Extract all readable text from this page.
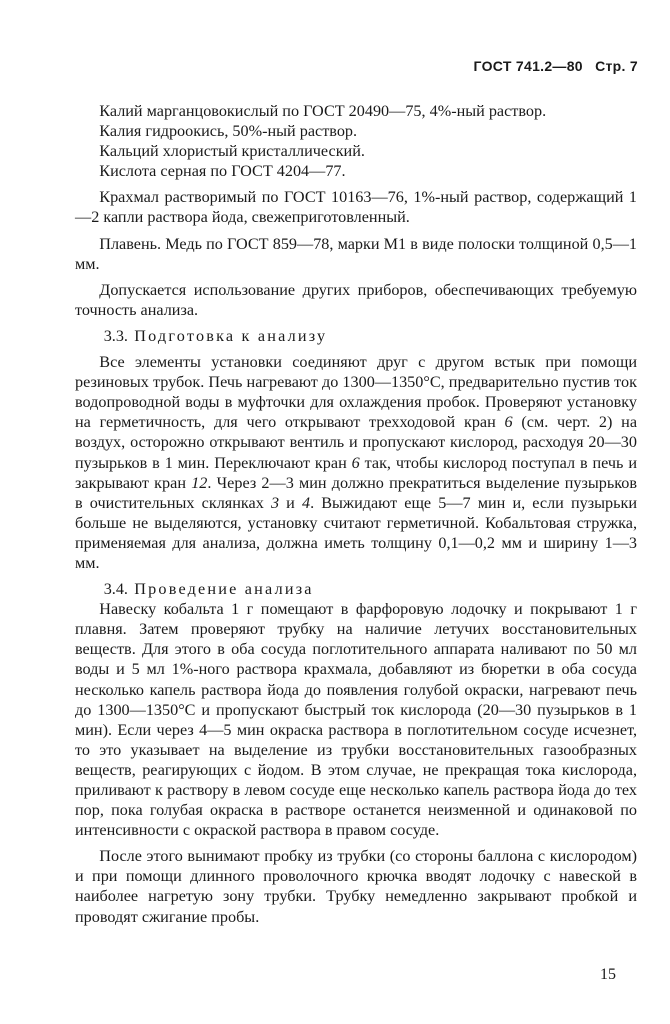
ГОСТ 741.2—80 Стр. 7

  Калий марганцовокислый по ГОСТ 20490—75, 4%-ный раствор.

  Калия гидроокись, 50%-ный раствор.

  Кальций хлористый кристаллический.

  Кислота серная по ГОСТ 4204—77.

  Крахмал растворимый по ГОСТ 10163—76, 1%-ный раствор, содержащий 1—2 капли раствора йода, свежеприготовленный.

  Плавень. Медь по ГОСТ 859—78, марки М1 в виде полоски толщиной 0,5—1 мм.

  Допускается использование других приборов, обеспечивающих требуемую точность анализа.

  3.3. Подготовка к анализу

  Все элементы установки соединяют друг с другом встык при помощи резиновых трубок. Печь нагревают до 1300—1350°C, предварительно пустив ток водопроводной воды в муфточки для охлаждения пробок. Проверяют установку на герметичность, для чего открывают трехходовой кран 6 (см. черт. 2) на воздух, осторожно открывают вентиль и пропускают кислород, расходуя 20—30 пузырьков в 1 мин. Переключают кран 6 так, чтобы кислород поступал в печь и закрывают кран 12. Через 2—3 мин должно прекратиться выделение пузырьков в очистительных склянках 3 и 4. Выжидают еще 5—7 мин и, если пузырьки больше не выделяются, установку считают герметичной. Кобальтовая стружка, применяемая для анализа, должна иметь толщину 0,1—0,2 мм и ширину 1—3 мм.

  3.4. Проведение анализа

  Навеску кобальта 1 г помещают в фарфоровую лодочку и покрывают 1 г плавня. Затем проверяют трубку на наличие летучих восстановительных веществ. Для этого в оба сосуда поглотительного аппарата наливают по 50 мл воды и 5 мл 1%-ного раствора крахмала, добавляют из бюретки в оба сосуда несколько капель раствора йода до появления голубой окраски, нагревают печь до 1300—1350°C и пропускают быстрый ток кислорода (20—30 пузырьков в 1 мин). Если через 4—5 мин окраска раствора в поглотительном сосуде исчезнет, то это указывает на выделение из трубки восстановительных газообразных веществ, реагирующих с йодом. В этом случае, не прекращая тока кислорода, приливают к раствору в левом сосуде еще несколько капель раствора йода до тех пор, пока голубая окраска в растворе останется неизменной и одинаковой по интенсивности с окраской раствора в правом сосуде.

  После этого вынимают пробку из трубки (со стороны баллона с кислородом) и при помощи длинного проволочного крючка вводят лодочку с навеской в наиболее нагретую зону трубки. Трубку немедленно закрывают пробкой и проводят сжигание пробы.

15
